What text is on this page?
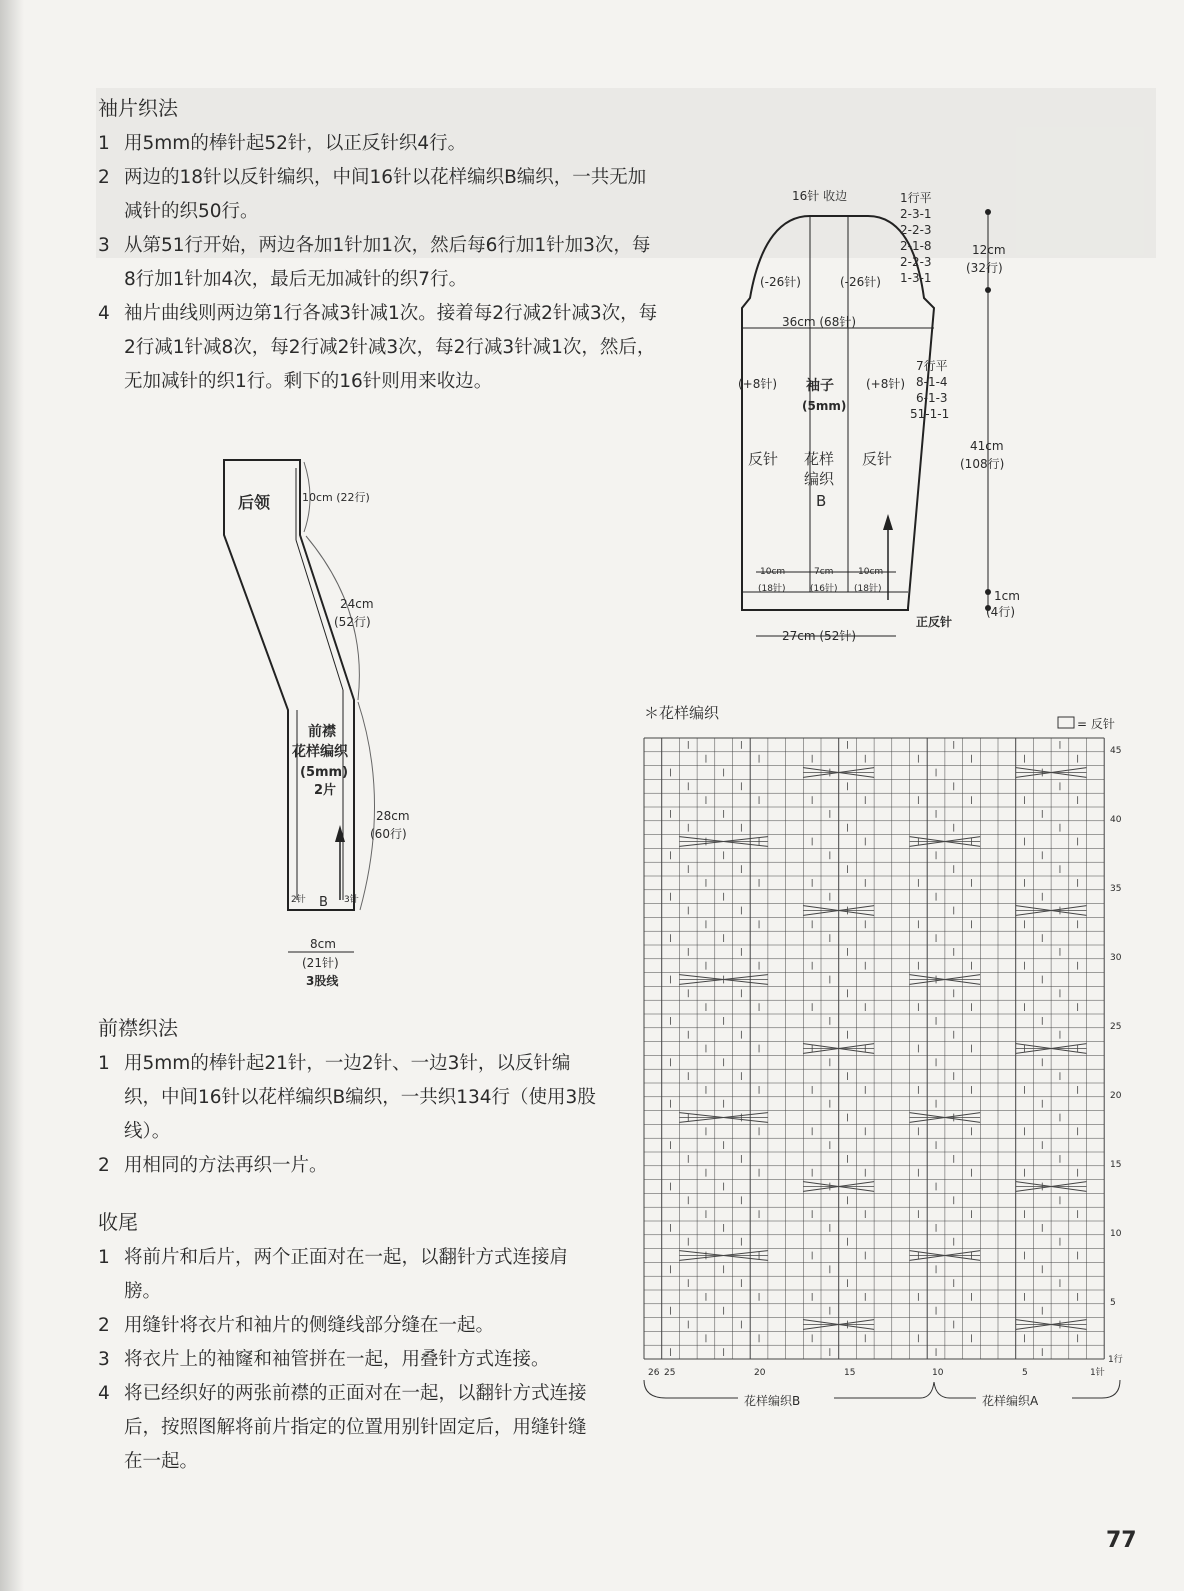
袖片织法
1 用5mm的棒针起52针，以正反针织4行。
2 两边的18针以反针编织，中间16针以花样编织B编织，一共无加减针的织50行。
3 从第51行开始，两边各加1针加1次，然后每6行加1针加3次，每8行加1针加4次，最后无加减针的织7行。
4 袖片曲线则两边第1行各减3针减1次。接着每2行减2针减3次，每2行减1针减8次，每2行减2针减3次，每2行减3针减1次，然后，无加减针的织1行。剩下的16针则用来收边。
后领	10cm (22行)
24cm
(52行)
前襟
花样编织
(5mm)
2片
28cm
(60行)
2针 B 3针
8cm
(21针)
3股线
16针 收边	1行平
2-3-1
2-2-3
2-1-8
2-2-3
1-3-1
12cm
(32行)
(-26针)	(-26针)
36cm (68针)
(+8针)	(+8针)
袖子
(5mm)
7行平
8-1-4
6-1-3
51-1-1
41cm
(108行)
反针 花样
编织
B
反针
10cm
(18针)
7cm
(16针)
10cm
(18针)	1cm
(4行)
正反针
27cm (52针)
＊花样编织
= 反针
45
40
35
30
25
20
15
10
5
1行
26 25	20	15	10	5	1针
花样编织B	花样编织A
前襟织法
1 用5mm的棒针起21针，一边2针、一边3针，以反针编织，中间16针以花样编织B编织，一共织134行（使用3股线）。
2 用相同的方法再织一片。
收尾
1 将前片和后片，两个正面对在一起，以翻针方式连接肩膀。
2 用缝针将衣片和袖片的侧缝线部分缝在一起。
3 将衣片上的袖窿和袖管拼在一起，用叠针方式连接。
4 将已经织好的两张前襟的正面对在一起，以翻针方式连接后，按照图解将前片指定的位置用别针固定后，用缝针缝在一起。
77
